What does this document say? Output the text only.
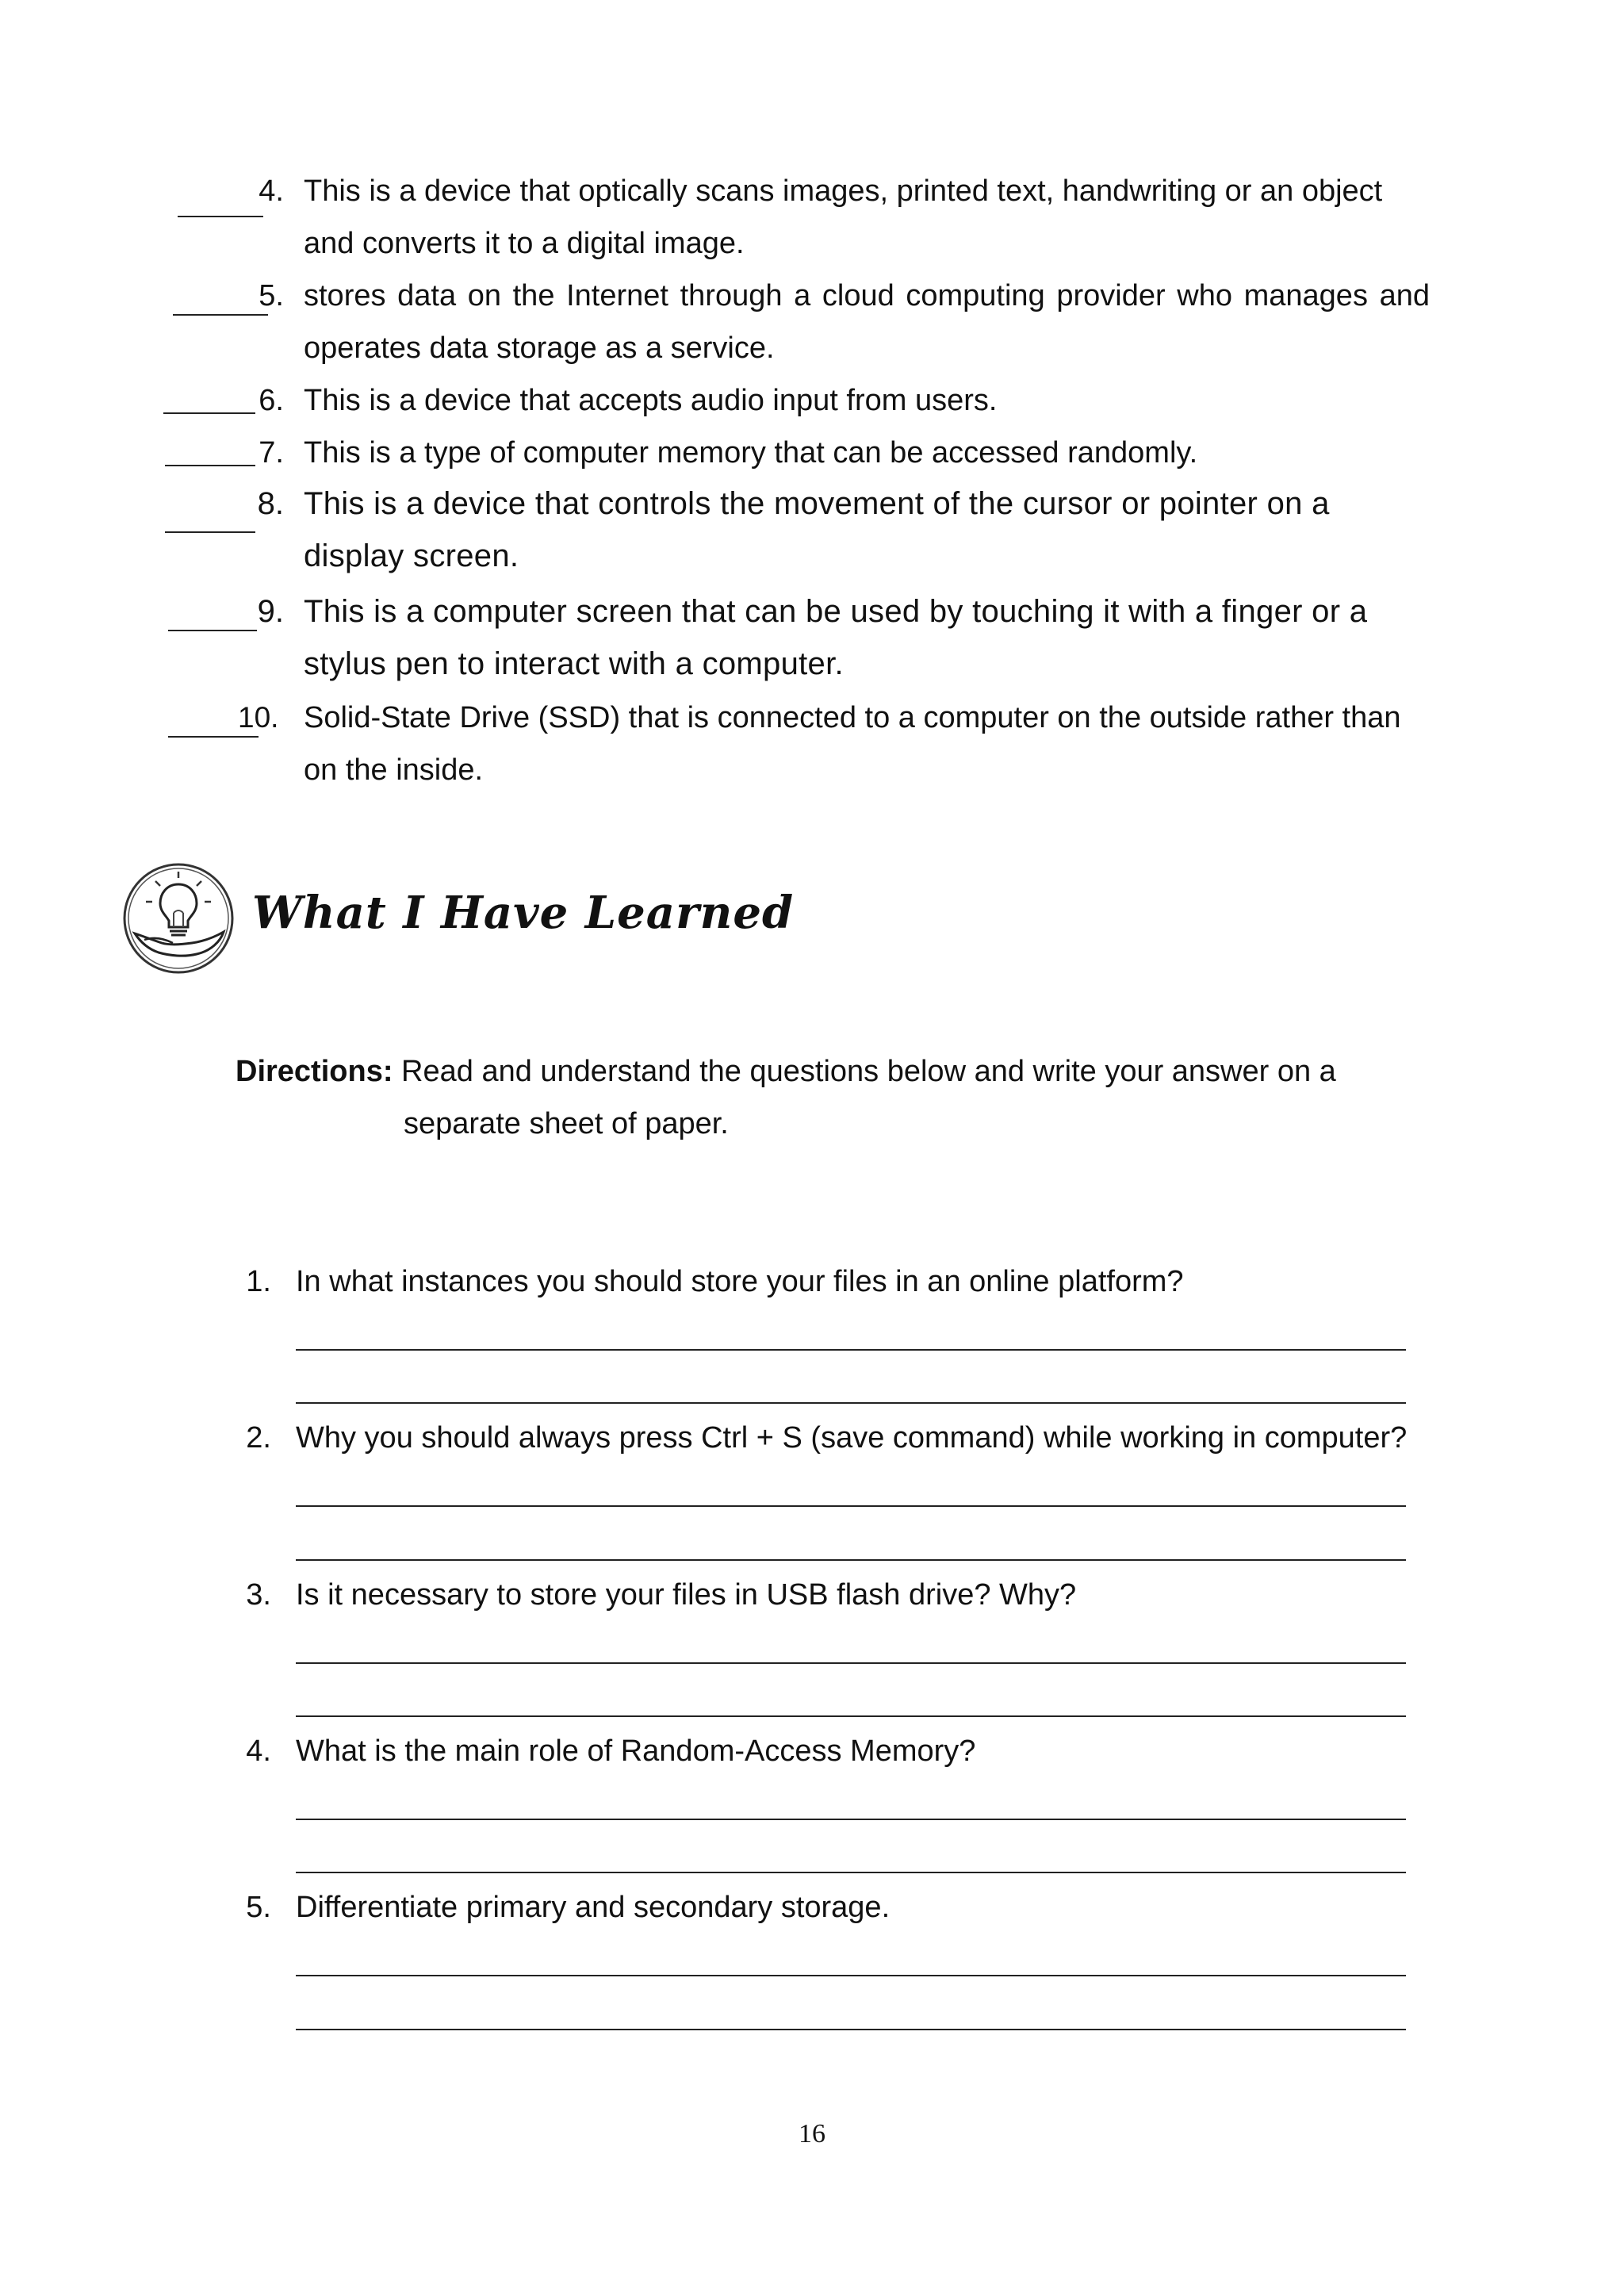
4. This is a device that optically scans images, printed text, handwriting or an object
and converts it to a digital image.
5. stores data on the Internet through a cloud computing provider who manages and
operates data storage as a service.
6. This is a device that accepts audio input from users.
7. This is a type of computer memory that can be accessed randomly.
8. This is a device that controls the movement of the cursor or pointer on a
display screen.
9. This is a computer screen that can be used by touching it with a finger or a
stylus pen to interact with a computer.
10. Solid-State Drive (SSD) that is connected to a computer on the outside rather than
on the inside.
What I Have Learned
Directions: Read and understand the questions below and write your answer on a
separate sheet of paper.
1. In what instances you should store your files in an online platform?
2. Why you should always press Ctrl + S (save command) while working in computer?
3. Is it necessary to store your files in USB flash drive? Why?
4. What is the main role of Random-Access Memory?
5. Differentiate primary and secondary storage.
16
